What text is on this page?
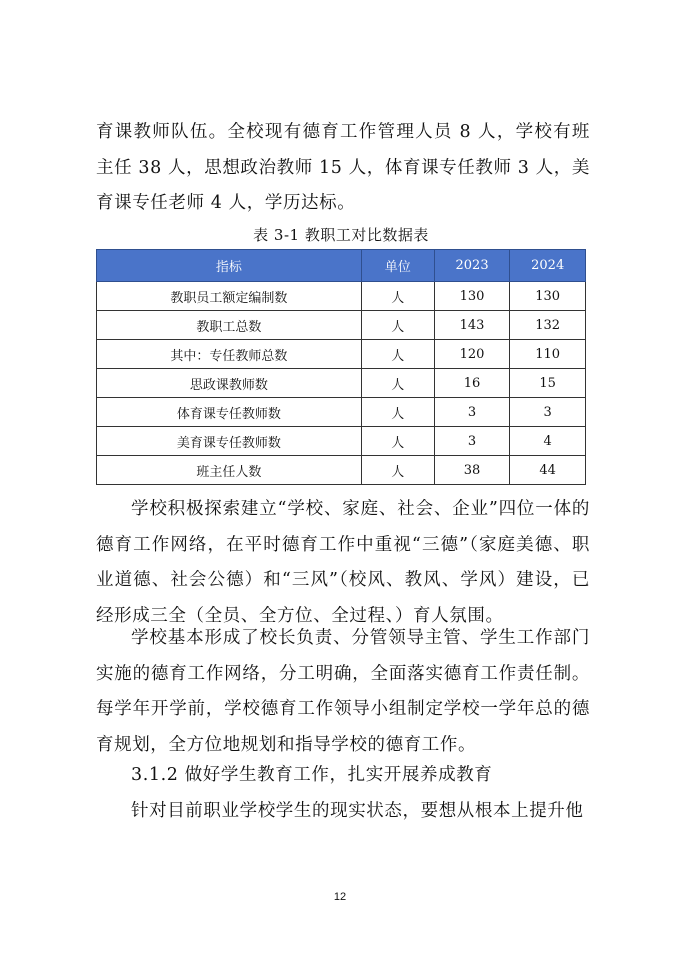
育课教师队伍。全校现有德育工作管理人员 8 人，学校有班主任 38 人，思想政治教师 15 人，体育课专任教师 3 人，美育课专任老师 4 人，学历达标。

表 3-1 教职工对比数据表

指标	单位	2023	2024
教职员工额定编制数	人	130	130
教职工总数	人	143	132
其中：专任教师总数	人	120	110
思政课教师数	人	16	15
体育课专任教师数	人	3	3
美育课专任教师数	人	3	4
班主任人数	人	38	44

学校积极探索建立“学校、家庭、社会、企业”四位一体的德育工作网络，在平时德育工作中重视“三德”（家庭美德、职业道德、社会公德）和“三风”（校风、教风、学风）建设，已经形成三全（全员、全方位、全过程、）育人氛围。

学校基本形成了校长负责、分管领导主管、学生工作部门实施的德育工作网络，分工明确，全面落实德育工作责任制。每学年开学前，学校德育工作领导小组制定学校一学年总的德育规划，全方位地规划和指导学校的德育工作。

3.1.2 做好学生教育工作，扎实开展养成教育

针对目前职业学校学生的现实状态，要想从根本上提升他

12
